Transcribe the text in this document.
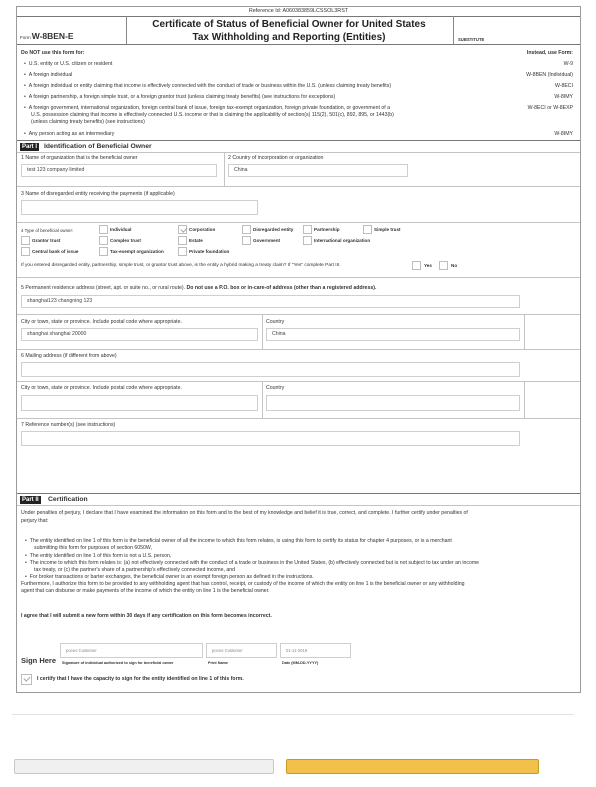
Reference Id: A060383859LCSSOL3RST
FormW-8BEN-E
Certificate of Status of Beneficial Owner for United States
Tax Withholding and Reporting (Entities)	SUBSTITUTE
Do NOT use this form for:	Instead, use Form:
•  U.S. entity or U.S. citizen or resident	W-9
•  A foreign individual	W-8BEN (Individual)
•  A foreign individual or entity claiming that income is effectively connected with the conduct of trade or business within the U.S. (unless claiming treaty benefits)	W-8ECI
•  A foreign partnership, a foreign simple trust, or a foreign grantor trust (unless claiming treaty benefits) (see instructions for exceptions)	W-8IMY
•  A foreign government, international organization, foreign central bank of issue, foreign tax-exempt organization, foreign private foundation, or government of a	W-8ECI or W-8EXP
U.S. possession claiming that income is effectively connected U.S. income or that is claiming the applicability of section(s) 115(2), 501(c), 892, 895, or 1443(b)
(unless claiming treaty benefits) (see instructions)
•  Any person acting as an intermediary	W-8IMY
Part I Identification of Beneficial Owner
1 Name of organization that is the beneficial owner	2 Country of incorporation or organization
test 123 company limited	China
3 Name of disregarded entity receiving the payments (if applicable)
4 Type of beneficial owner:	Individual	Corporation	Disregarded entity	Partnership	Simple trust
Grantor trust	Complex trust	Estate	Government	International organization
Central bank of issue	Tax-exempt organization	Private foundation
If you entered disregarded entity, partnership, simple trust, or grantor trust above, is the entity a hybrid making a treaty claim? If "Yes" complete Part III.	Yes	No
5 Permanent residence address (street, apt. or suite no., or rural route). Do not use a P.O. box or in-care-of address (other than a registered address).
shanghai123 changning 123
City or town, state or province. Include postal code where appropriate.	Country
shanghai shanghai 20000	China
6 Mailing address (if different from above)
City or town, state or province. Include postal code where appropriate.	Country
7 Reference number(s) (see instructions)
Part II Certification
Under penalties of perjury, I declare that I have examined the information on this form and to the best of my knowledge and belief it is true, correct, and complete. I further certify under penalties of
perjury that:
•  The entity identified on line 1 of this form is the beneficial owner of all the income to which this form relates, is using this form to certify its status for chapter 4 purposes, or is a merchant
submitting this form for purposes of section 6050W,
•  The entity identified on line 1 of this form is not a U.S. person,
•  The income to which this form relates is: (a) not effectively connected with the conduct of a trade or business in the United States, (b) effectively connected but is not subject to tax under an income
tax treaty, or (c) the partner's share of a partnership's effectively connected income, and
•  For broker transactions or barter exchanges, the beneficial owner is an exempt foreign person as defined in the instructions.
Furthermore, I authorize this form to be provided to any withholding agent that has control, receipt, or custody of the income of which the entity on line 1 is the beneficial owner or any withholding
agent that can disburse or make payments of the income of which the entity on line 1 is the beneficial owner.
I agree that I will submit a new form within 30 days if any certification on this form becomes incorrect.
Sign Here
pceeo Customer
Signature of individual authorized to sign for beneficial owner
pceeo Customer
Print Name
01-11-2019
Date (MM-DD-YYYY)
I certify that I have the capacity to sign for the entity identified on line 1 of this form.
